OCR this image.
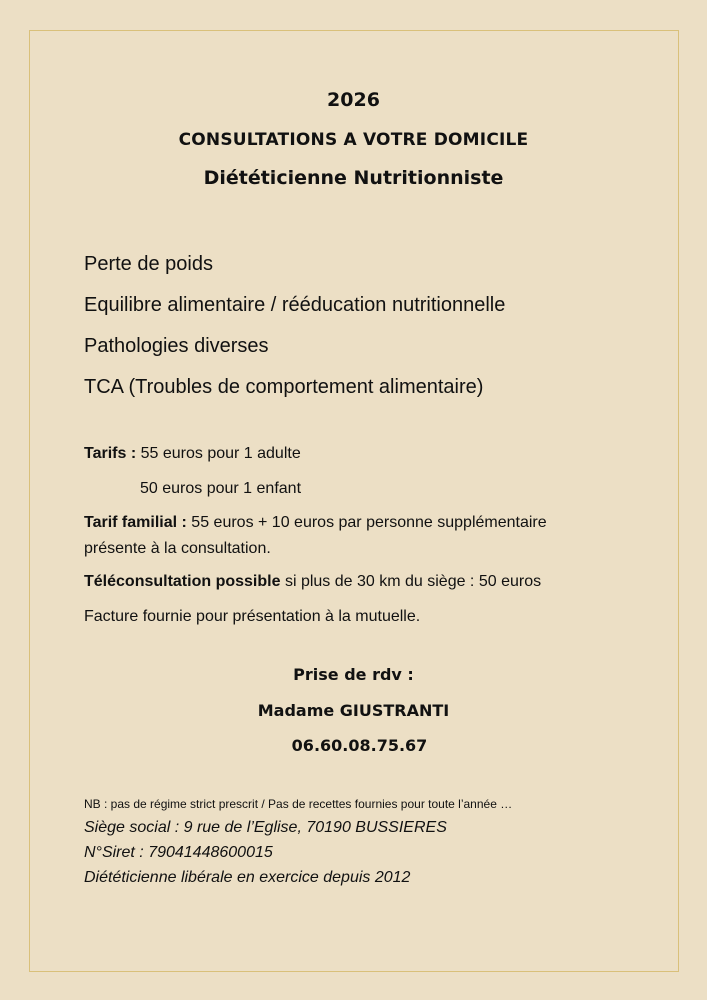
2026
CONSULTATIONS A VOTRE DOMICILE
Diététicienne Nutritionniste
Perte de poids
Equilibre alimentaire / rééducation nutritionnelle
Pathologies diverses
TCA (Troubles de comportement alimentaire)
Tarifs : 55 euros pour 1 adulte
50 euros pour 1 enfant
Tarif familial : 55 euros + 10 euros par personne supplémentaire
présente à la consultation.
Téléconsultation possible si plus de 30 km du siège : 50 euros
Facture fournie pour présentation à la mutuelle.
Prise de rdv :
Madame GIUSTRANTI
06.60.08.75.67
NB : pas de régime strict prescrit / Pas de recettes fournies pour toute l’année …
Siège social : 9 rue de l’Eglise, 70190 BUSSIERES
N°Siret : 79041448600015
Diététicienne libérale en exercice depuis 2012
